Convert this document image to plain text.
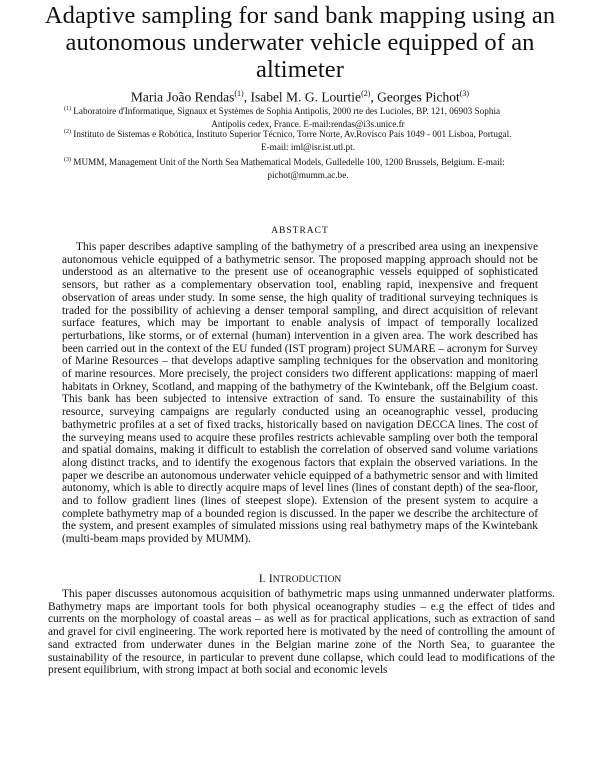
Adaptive sampling for sand bank mapping using an autonomous underwater vehicle equipped of an altimeter
Maria João Rendas$^{(1)}$, Isabel M. G. Lourtie$^{(2)}$, Georges Pichot$^{(3)}$
$^{(1)}$ Laboratoire d'Informatique, Signaux et Systèmes de Sophia Antipolis, 2000 rte des Lucioles, BP. 121, 06903 Sophia
Antipolis cedex, France. E-mail:rendas@i3s.unice.fr
$^{(2)}$ Instituto de Sistemas e Robótica, Instituto Superior Técnico, Torre Norte, Av.Rovisco Pais 1049 - 001 Lisboa, Portugal.
E-mail: iml@isr.ist.utl.pt.
$^{(3)}$ MUMM, Management Unit of the North Sea Mathematical Models, Gulledelle 100, 1200 Brussels, Belgium. E-mail:
pichot@mumm.ac.be.
ABSTRACT

This paper describes adaptive sampling of the bathymetry of a prescribed area using an inexpensive autonomous vehicle equipped of a bathymetric sensor. The proposed mapping approach should not be understood as an alternative to the present use of oceanographic vessels equipped of sophisticated sensors, but rather as a complementary observation tool, enabling rapid, inexpensive and frequent observation of areas under study. In some sense, the high quality of traditional surveying techniques is traded for the possibility of achieving a denser temporal sampling, and direct acquisition of relevant surface features, which may be important to enable analysis of impact of temporally localized perturbations, like storms, or of external (human) intervention in a given area. The work described has been carried out in the context of the EU funded (IST program) project SUMARE – acronym for Survey of Marine Resources – that develops adaptive sampling techniques for the observation and monitoring of marine resources. More precisely, the project considers two different applications: mapping of maerl habitats in Orkney, Scotland, and mapping of the bathymetry of the Kwintebank, off the Belgium coast. This bank has been subjected to intensive extraction of sand. To ensure the sustainability of this resource, surveying campaigns are regularly conducted using an oceanographic vessel, producing bathymetric profiles at a set of fixed tracks, historically based on navigation DECCA lines. The cost of the surveying means used to acquire these profiles restricts achievable sampling over both the temporal and spatial domains, making it difficult to establish the correlation of observed sand volume variations along distinct tracks, and to identify the exogenous factors that explain the observed variations. In the paper we describe an autonomous underwater vehicle equipped of a bathymetric sensor and with limited autonomy, which is able to directly acquire maps of level lines (lines of constant depth) of the sea-floor, and to follow gradient lines (lines of steepest slope). Extension of the present system to acquire a complete bathymetry map of a bounded region is discussed. In the paper we describe the architecture of the system, and present examples of simulated missions using real bathymetry maps of the Kwintebank (multi-beam maps provided by MUMM).

I. INTRODUCTION

This paper discusses autonomous acquisition of bathymetric maps using unmanned underwater platforms. Bathymetry maps are important tools for both physical oceanography studies – e.g the effect of tides and currents on the morphology of coastal areas – as well as for practical applications, such as extraction of sand and gravel for civil engineering. The work reported here is motivated by the need of controlling the amount of sand extracted from underwater dunes in the Belgian marine zone of the North Sea, to guarantee the sustainability of the resource, in particular to prevent dune collapse, which could lead to modifications of the present equilibrium, with strong impact at both social and economic levels
